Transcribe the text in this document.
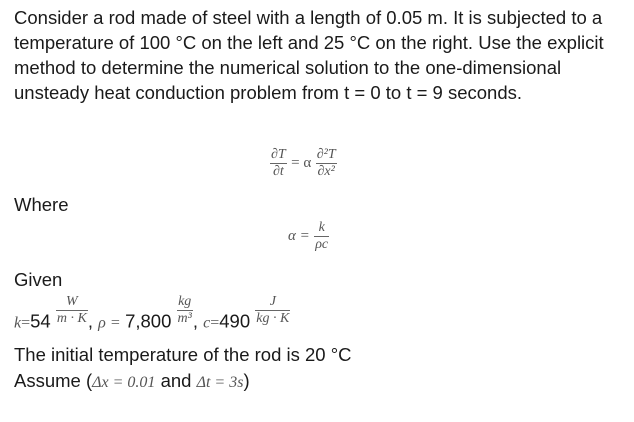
Consider a rod made of steel with a length of 0.05 m. It is subjected to a temperature of 100 °C on the left and 25 °C on the right. Use the explicit method to determine the numerical solution to the one-dimensional unsteady heat conduction problem from t = 0 to t = 9 seconds.
$\frac{\partial T}{\partial t} = \alpha \frac{\text{∂²T}}{\text{∂x²}}$
Where
$\alpha = \frac{k}{\rho c}$
Given
$k=54 \frac{W}{m \cdot K}$ , $\rho = 7,800 \frac{kg}{\text{m³}}$ , $c=490 \frac{J}{kg \cdot K}$
The initial temperature of the rod is 20 °C
Assume (Δx = 0.01 and Δt = 3s)
